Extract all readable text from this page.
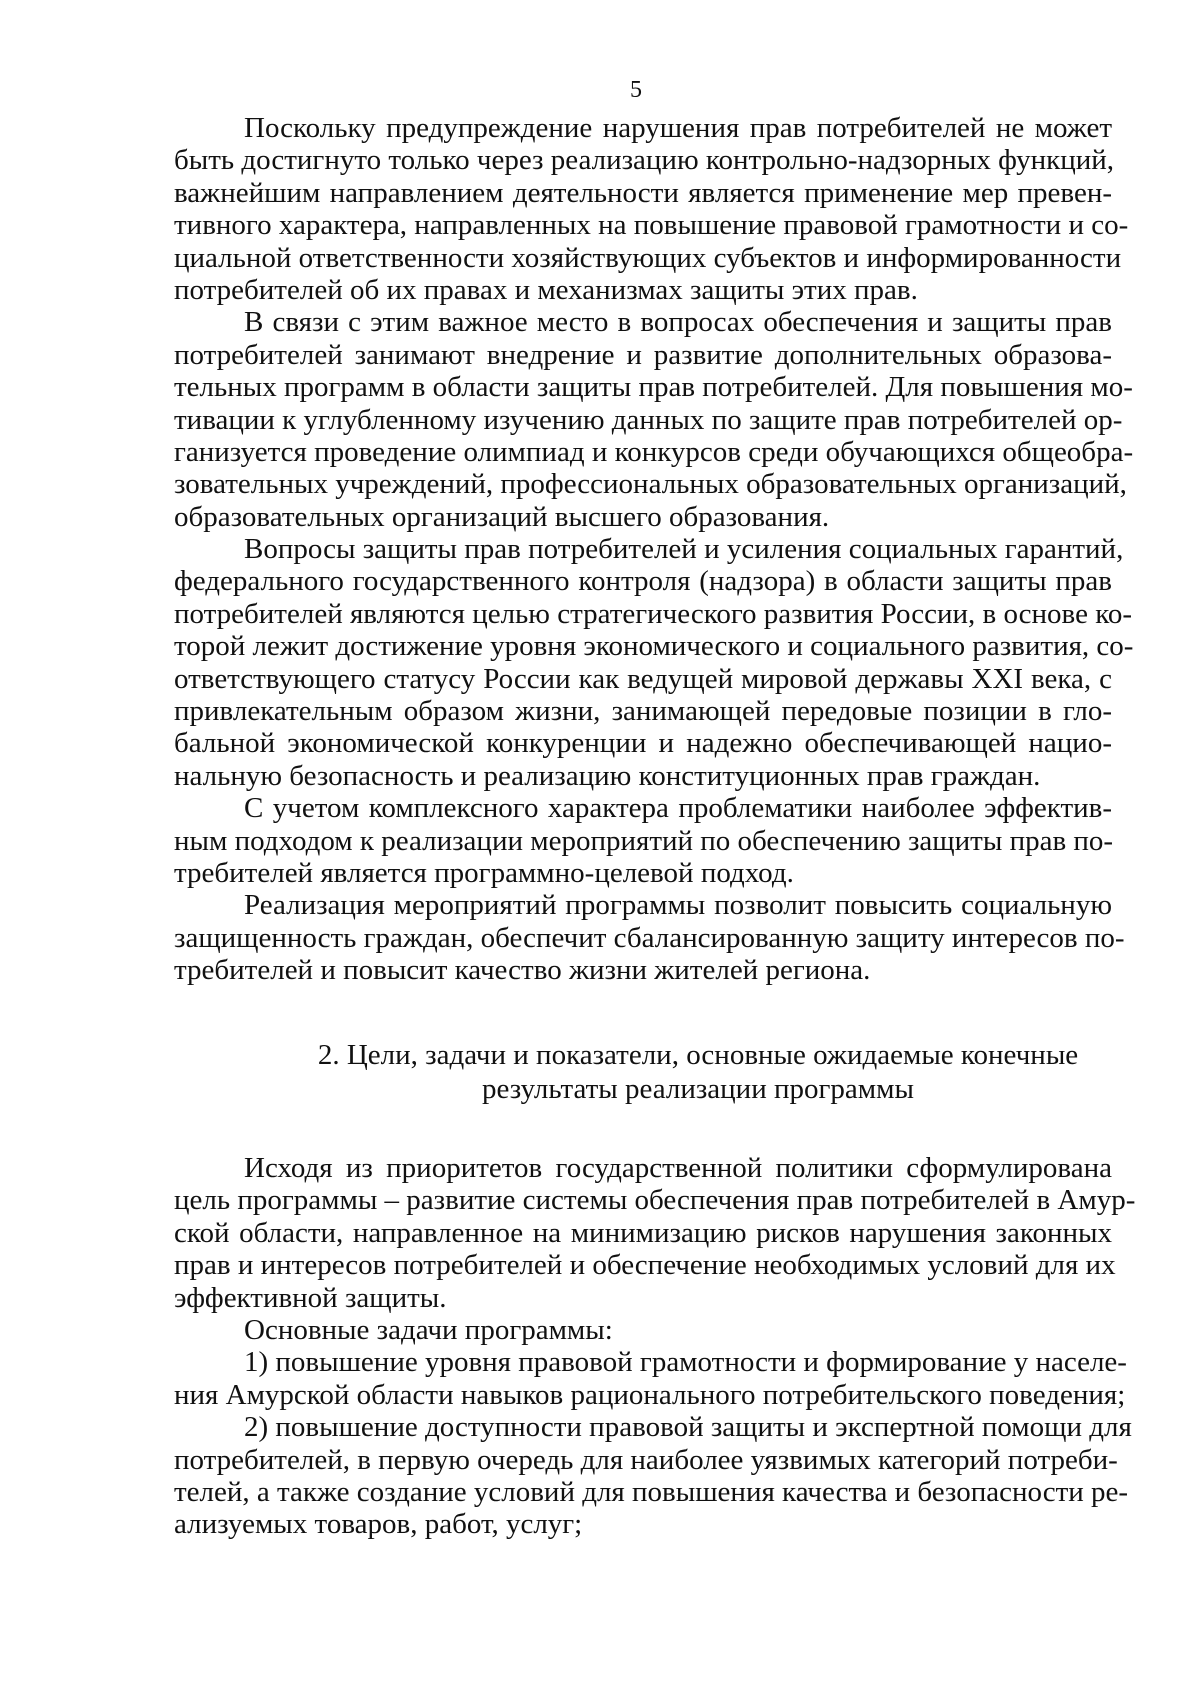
5
Поскольку предупреждение нарушения прав потребителей не может
быть достигнуто только через реализацию контрольно-надзорных функций,
важнейшим направлением деятельности является применение мер превен-
тивного характера, направленных на повышение правовой грамотности и со-
циальной ответственности хозяйствующих субъектов и информированности
потребителей об их правах и механизмах защиты этих прав.
В связи с этим важное место в вопросах обеспечения и защиты прав
потребителей занимают внедрение и развитие дополнительных образова-
тельных программ в области защиты прав потребителей. Для повышения мо-
тивации к углубленному изучению данных по защите прав потребителей ор-
ганизуется проведение олимпиад и конкурсов среди обучающихся общеобра-
зовательных учреждений, профессиональных образовательных организаций,
образовательных организаций высшего образования.
Вопросы защиты прав потребителей и усиления социальных гарантий,
федерального государственного контроля (надзора) в области защиты прав
потребителей являются целью стратегического развития России, в основе ко-
торой лежит достижение уровня экономического и социального развития, со-
ответствующего статусу России как ведущей мировой державы XXI века, с
привлекательным образом жизни, занимающей передовые позиции в гло-
бальной экономической конкуренции и надежно обеспечивающей нацио-
нальную безопасность и реализацию конституционных прав граждан.
С учетом комплексного характера проблематики наиболее эффектив-
ным подходом к реализации мероприятий по обеспечению защиты прав по-
требителей является программно-целевой подход.
Реализация мероприятий программы позволит повысить социальную
защищенность граждан, обеспечит сбалансированную защиту интересов по-
требителей и повысит качество жизни жителей региона.
2. Цели, задачи и показатели, основные ожидаемые конечные
результаты реализации программы
Исходя из приоритетов государственной политики сформулирована
цель программы – развитие системы обеспечения прав потребителей в Амур-
ской области, направленное на минимизацию рисков нарушения законных
прав и интересов потребителей и обеспечение необходимых условий для их
эффективной защиты.
Основные задачи программы:
1) повышение уровня правовой грамотности и формирование у населе-
ния Амурской области навыков рационального потребительского поведения;
2) повышение доступности правовой защиты и экспертной помощи для
потребителей, в первую очередь для наиболее уязвимых категорий потреби-
телей, а также создание условий для повышения качества и безопасности ре-
ализуемых товаров, работ, услуг;
